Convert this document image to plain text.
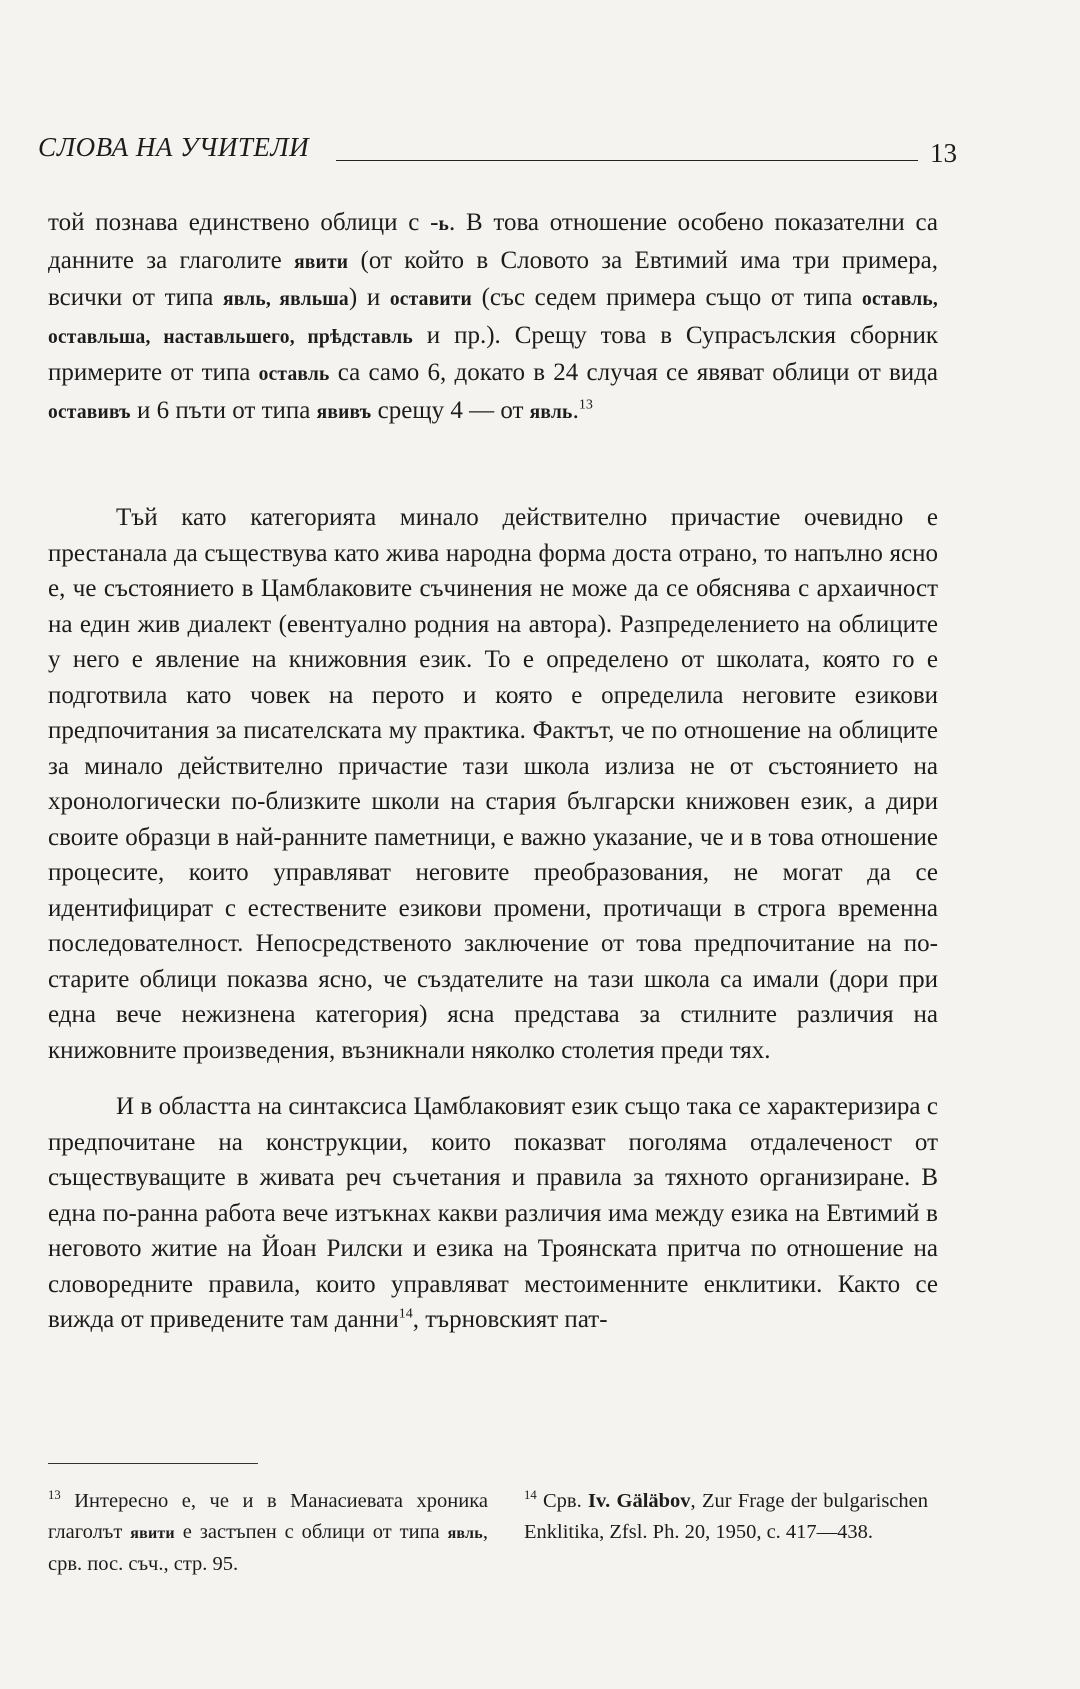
СЛОВА НА УЧИТЕЛИ	13

той познава единствено облици с -ь. В това отношение особено показателни са данните за глаголите явити (от който в Словото за Евтимий има три примера, всички от типа явль, явльша) и оставити (със седем примера също от типа оставль, оставльша, наставльшего, прѣдставль и пр.). Срещу това в Супрасълския сборник примерите от типа оставль са само 6, докато в 24 случая се явяват облици от вида оставивъ и 6 пъти от типа явивъ срещу 4 — от явль.$^{13}$

Тъй като категорията минало действително причастие очевидно е престанала да съществува като жива народна форма доста отрано, то напълно ясно е, че състоянието в Цамблаковите съчинения не може да се обяснява с архаичност на един жив диалект (евентуално родния на автора). Разпределението на облиците у него е явление на книжовния език. То е определено от школата, която го е подготвила като човек на перото и която е определила неговите езикови предпочитания за писателската му практика. Фактът, че по отношение на облиците за минало действително причастие тази школа излиза не от състоянието на хронологически по-близките школи на стария български книжовен език, а дири своите образци в най-ранните паметници, е важно указание, че и в това отношение процесите, които управляват неговите преобразования, не могат да се идентифицират с естествените езикови промени, протичащи в строга временна последователност. Непосредственото заключение от това предпочитание на по-старите облици показва ясно, че създателите на тази школа са имали (дори при една вече нежизнена категория) ясна представа за стилните различия на книжовните произведения, възникнали няколко столетия преди тях.

И в областта на синтаксиса Цамблаковият език също така се характеризира с предпочитане на конструкции, които показват поголяма отдалеченост от съществуващите в живата реч съчетания и правила за тяхното организиране. В една по-ранна работа вече изтъкнах какви различия има между езика на Евтимий в неговото житие на Йоан Рилски и езика на Троянската притча по отношение на словоредните правила, които управляват местоименните енклитики. Както се вижда от приведените там данни$^{14}$, търновският пат-

$^{13}$ Интересно е, че и в Манасиевата хроника глаголът явити е застъпен с облици от типа явль, срв. пос. съч., стр. 95.

$^{14}$ Срв. Iv. Gäläbov, Zur Frage der bulgarischen Enklitika, Zfsl. Ph. 20, 1950, c. 417—438.
